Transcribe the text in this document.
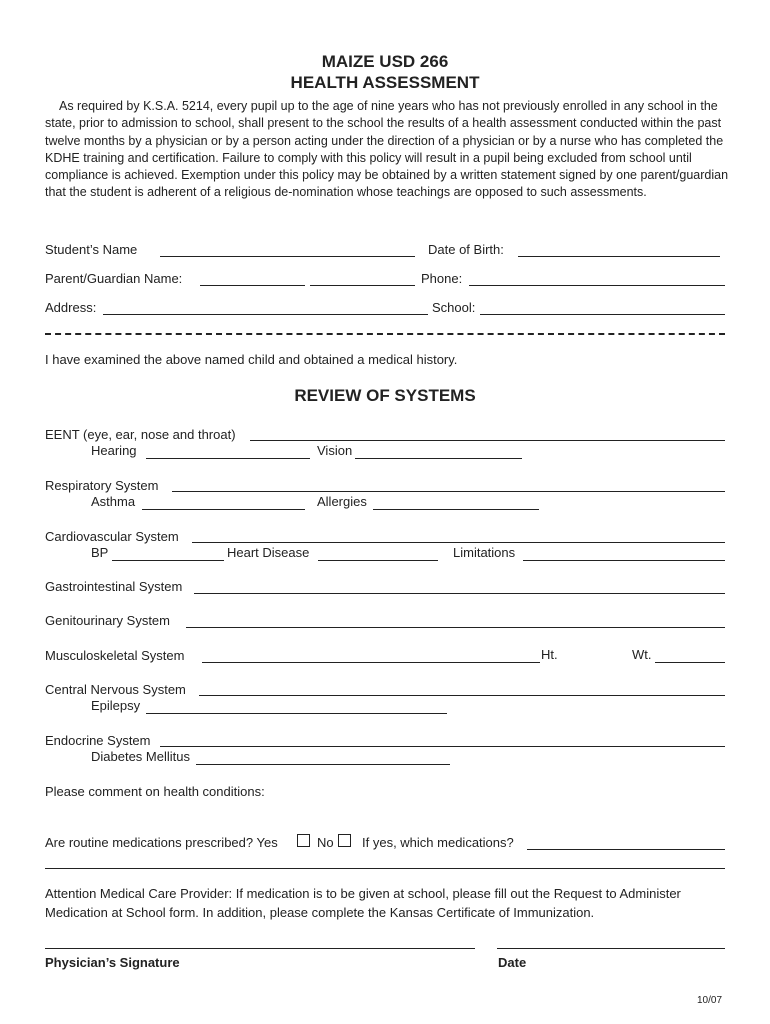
MAIZE USD 266
HEALTH ASSESSMENT
As required by K.S.A. 5214, every pupil up to the age of nine years who has not previously enrolled in any school in the state, prior to admission to school, shall present to the school the results of a health assessment conducted within the past twelve months by a physician or by a person acting under the direction of a physician or by a nurse who has completed the KDHE training and certification. Failure to comply with this policy will result in a pupil being excluded from school until compliance is achieved. Exemption under this policy may be obtained by a written statement signed by one parent/guardian that the student is adherent of a religious de-nomination whose teachings are opposed to such assessments.
Student’s Name	Date of Birth:
Parent/Guardian Name:	Phone:
Address:	School:
I have examined the above named child and obtained a medical history.
REVIEW OF SYSTEMS
EENT (eye, ear, nose and throat)
Hearing	Vision
Respiratory System
Asthma	Allergies
Cardiovascular System
BP	Heart Disease	Limitations
Gastrointestinal System
Genitourinary System
Musculoskeletal System	Ht.	Wt.
Central Nervous System
Epilepsy
Endocrine System
Diabetes Mellitus
Please comment on health conditions:
Are routine medications prescribed? Yes	No If yes, which medications?
Attention Medical Care Provider: If medication is to be given at school, please fill out the Request to Administer
Medication at School form. In addition, please complete the Kansas Certificate of Immunization.
Physician’s Signature	Date
10/07
